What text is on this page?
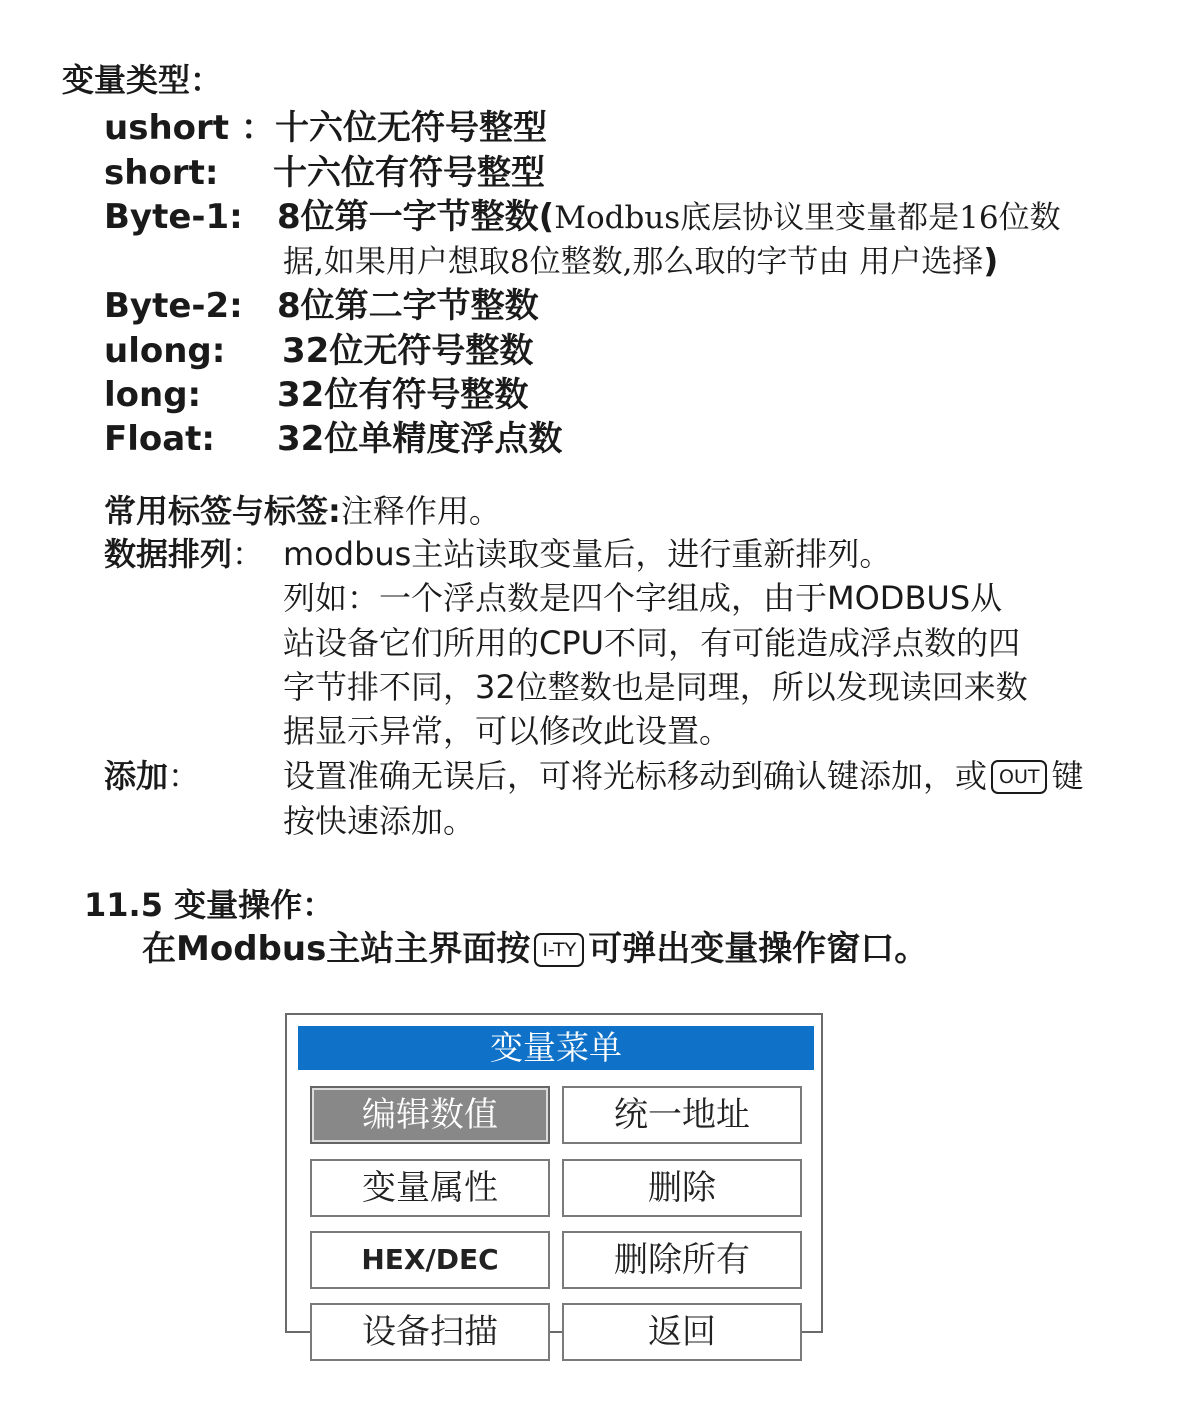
变量类型：
ushort ： 十六位无符号整型
short: 十六位有符号整型
Byte-1: 8位第一字节整数(Modbus底层协议里变量都是16位数
据,如果用户想取8位整数,那么取的字节由 用户选择)
Byte-2: 8位第二字节整数
ulong: 32位无符号整数
long: 32位有符号整数
Float: 32位单精度浮点数
常用标签与标签:注释作用。
数据排列： modbus主站读取变量后，进行重新排列。
列如：一个浮点数是四个字组成，由于MODBUS从
站设备它们所用的CPU不同，有可能造成浮点数的四
字节排不同，32位整数也是同理，所以发现读回来数
据显示异常，可以修改此设置。
添加：	设置准确无误后，可将光标移动到确认键添加，或 OUT 键
按快速添加。
11.5 变量操作：
在Modbus主站主界面按 I-TY 可弹出变量操作窗口。
变量菜单
编辑数值	统一地址
变量属性	删除
HEX/DEC	删除所有
设备扫描	返回
